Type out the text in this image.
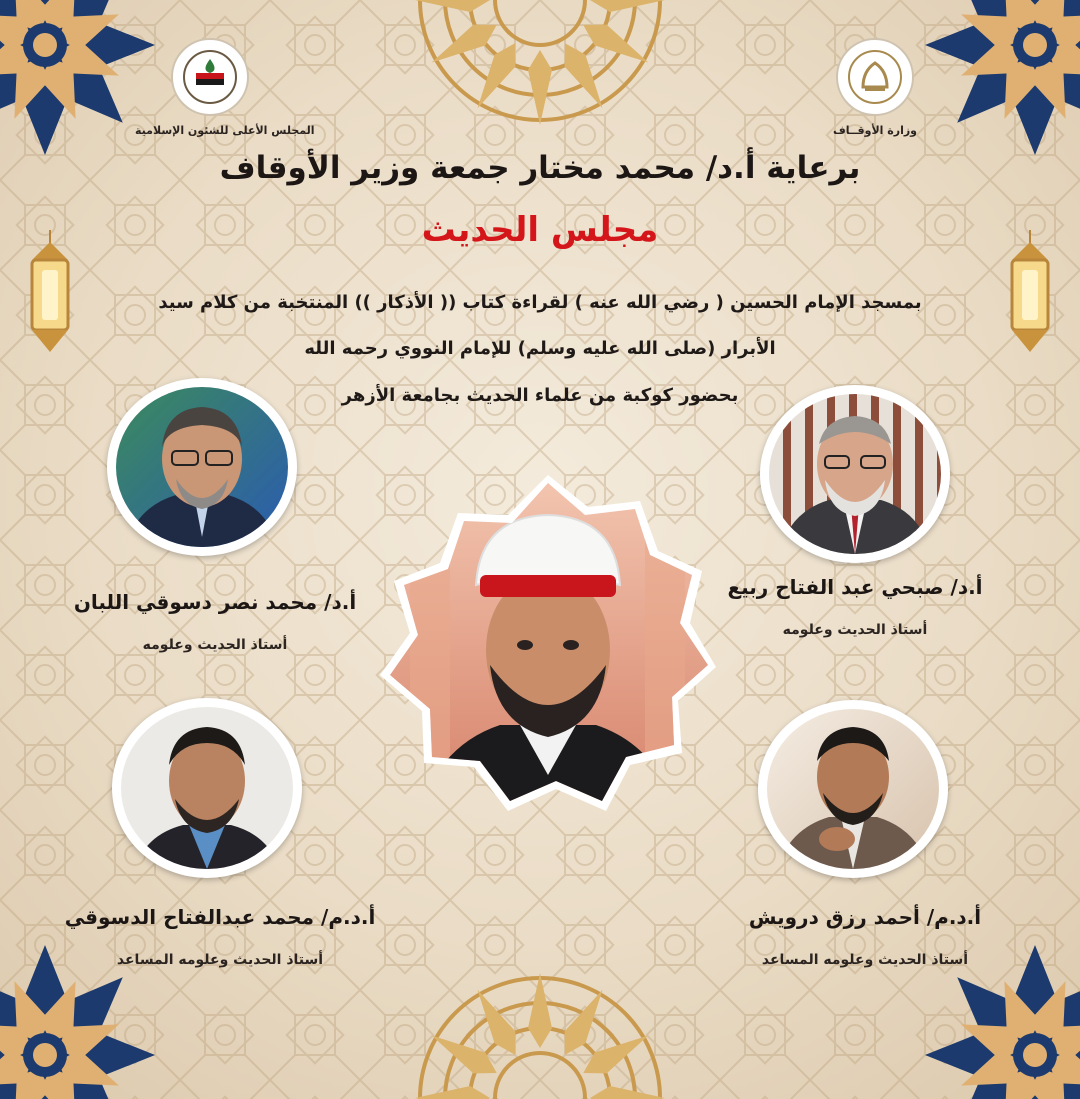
المجلس الأعلى للشئون الإسلامية	وزارة الأوقــاف
برعاية أ.د/ محمد مختار جمعة وزير الأوقاف
مجلس الحديث
بمسجد الإمام الحسين ( رضي الله عنه ) لقراءة كتاب (( الأذكار )) المنتخبة من كلام سيد
الأبرار (صلى الله عليه وسلم) للإمام النووي رحمه الله
بحضور كوكبة من علماء الحديث بجامعة الأزهر
أ.د/ صبحي عبد الفتاح ربيع
أستاذ الحديث وعلومه
أ.د/ محمد نصر دسوقي اللبان
أستاذ الحديث وعلومه
أ.د.م/ أحمد رزق درويش
أستاذ الحديث وعلومه المساعد
أ.د.م/ محمد عبدالفتاح الدسوقي
أستاذ الحديث وعلومه المساعد
